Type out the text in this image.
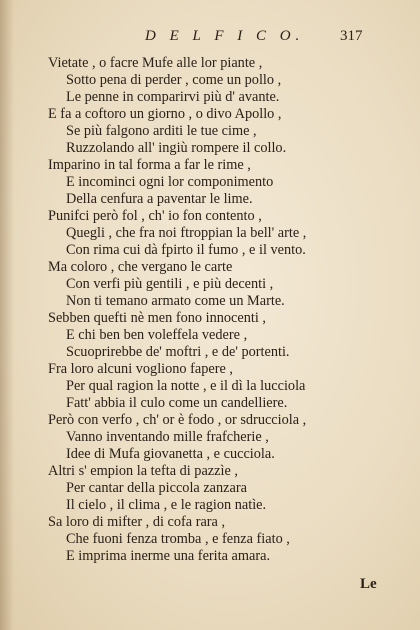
D E L F I C O. 317
Vietate , o facre Mufe alle lor piante ,
Sotto pena di perder , come un pollo ,
Le penne in comparirvi più d' avante.
E fa a coftoro un giorno , o divo Apollo ,
Se più falgono arditi le tue cime ,
Ruzzolando all' ingiù rompere il collo.
Imparino in tal forma a far le rime ,
E incominci ogni lor componimento
Della cenfura a paventar le lime.
Punifci però fol , ch' io fon contento ,
Quegli , che fra noi ftroppian la bell' arte ,
Con rima cui dà fpirto il fumo , e il vento.
Ma coloro , che vergano le carte
Con verfi più gentili , e più decenti ,
Non ti temano armato come un Marte.
Sebben quefti nè men fono innocenti ,
E chi ben ben voleffela vedere ,
Scuoprirebbe de' moftri , e de' portenti.
Fra loro alcuni vogliono fapere ,
Per qual ragion la notte , e il dì la lucciola
Fatt' abbia il culo come un candelliere.
Però con verfo , ch' or è fodo , or sdrucciola ,
Vanno inventando mille frafcherie ,
Idee di Mufa giovanetta , e cucciola.
Altri s' empion la tefta di pazzìe ,
Per cantar della piccola zanzara
Il cielo , il clima , e le ragion natìe.
Sa loro di mifter , di cofa rara ,
Che fuoni fenza tromba , e fenza fiato ,
E imprima inerme una ferita amara.
Le
